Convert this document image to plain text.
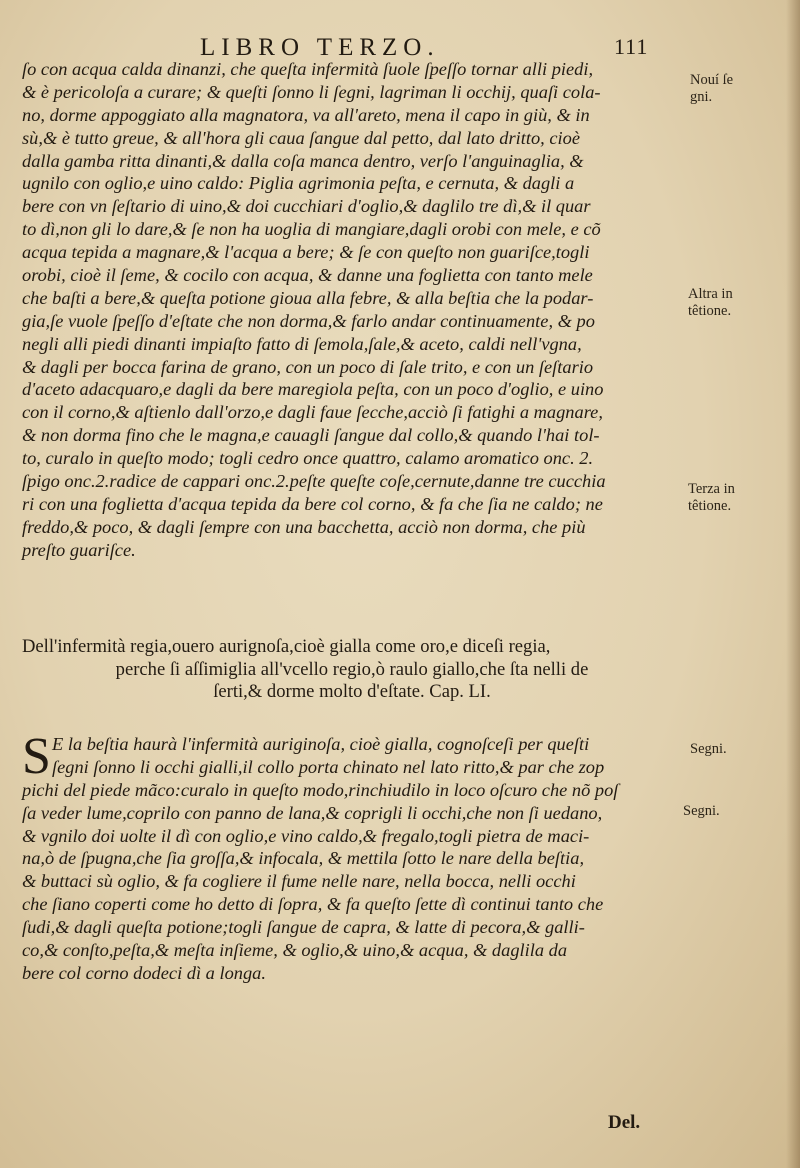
LIBRO TERZO.	111
ſo con acqua calda dinanzi, che queſta infermità ſuole ſpeſſo tornar alli piedi,
& è pericoloſa a curare; & queſti ſonno li ſegni, lagriman li occhij, quaſi cola-
no, dorme appoggiato alla magnatora, va all'areto, mena il capo in giù, & in
sù,& è tutto greue, & all'hora gli caua ſangue dal petto, dal lato dritto, cioè
dalla gamba ritta dinanti,& dalla coſa manca dentro, verſo l'anguinaglia, &
ugnilo con oglio,e uino caldo: Piglia agrimonia peſta, e cernuta, & dagli a
bere con vn ſeſtario di uino,& doi cucchiari d'oglio,& daglilo tre dì,& il quar
to dì,non gli lo dare,& ſe non ha uoglia di mangiare,dagli orobi con mele, e cõ
acqua tepida a magnare,& l'acqua a bere; & ſe con queſto non guariſce,togli
orobi, cioè il ſeme, & cocilo con acqua, & danne una foglietta con tanto mele
che baſti a bere,& queſta potione gioua alla febre, & alla beſtia che la podar-
gia,ſe vuole ſpeſſo d'eſtate che non dorma,& farlo andar continuamente, & po
negli alli piedi dinanti impiaſto fatto di ſemola,ſale,& aceto, caldi nell'vgna,
& dagli per bocca farina de grano, con un poco di ſale trito, e con un ſeſtario
d'aceto adacquaro,e dagli da bere maregiola peſta, con un poco d'oglio, e uino
con il corno,& aſtienlo dall'orzo,e dagli faue ſecche,acciò ſi fatighi a magnare,
& non dorma fino che le magna,e cauagli ſangue dal collo,& quando l'hai tol-
to, curalo in queſto modo; togli cedro once quattro, calamo aromatico onc. 2.
ſpigo onc.2.radice de cappari onc.2.peſte queſte coſe,cernute,danne tre cucchia
ri con una foglietta d'acqua tepida da bere col corno, & fa che ſia ne caldo; ne
freddo,& poco, & dagli ſempre con una bacchetta, acciò non dorma, che più
preſto guariſce.
Dell'infermità regia,ouero aurignoſa,cioè gialla come oro,e diceſi regia,
perche ſi aſſimiglia all'vcello regio,ò raulo giallo,che ſta nelli de
ſerti,& dorme molto d'eſtate. Cap. LI.
S E la beſtia haurà l'infermità auriginoſa, cioè gialla, cognoſceſi per queſti
ſegni ſonno li occhi gialli,il collo porta chinato nel lato ritto,& par che zop
pichi del piede mãco:curalo in queſto modo,rinchiudilo in loco oſcuro che nõ poſ
ſa veder lume,coprilo con panno de lana,& coprigli li occhi,che non ſi uedano,
& vgnilo doi uolte il dì con oglio,e vino caldo,& fregalo,togli pietra de maci-
na,ò de ſpugna,che ſia groſſa,& infocala, & mettila ſotto le nare della beſtia,
& buttaci sù oglio, & fa cogliere il fume nelle nare, nella bocca, nelli occhi
che ſiano coperti come ho detto di ſopra, & fa queſto ſette dì continui tanto che
ſudi,& dagli queſta potione;togli ſangue de capra, & latte di pecora,& galli-
co,& conſto,peſta,& meſta inſieme, & oglio,& uino,& acqua, & daglila da
bere col corno dodeci dì a longa.
Nouí ſe
gni.
Altra in
têtione.
Terza in
têtione.
Segni.
Segni.
Del.
